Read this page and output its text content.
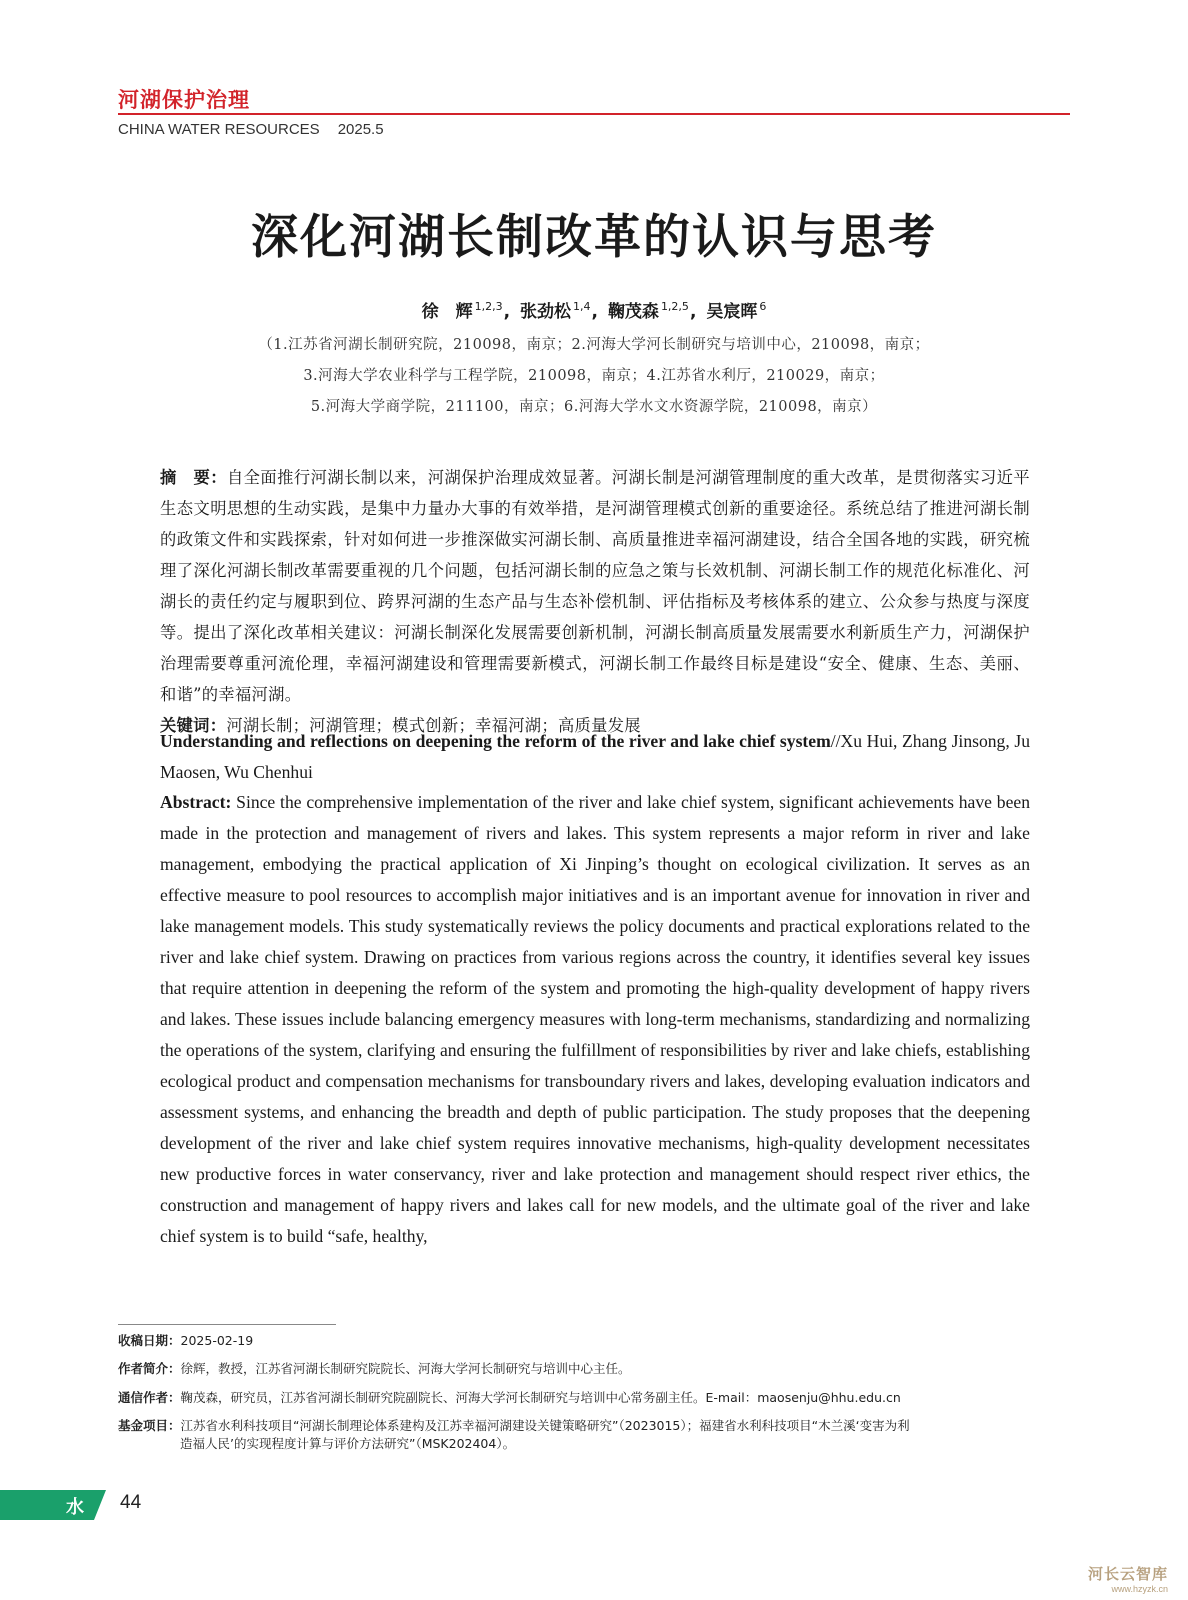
河湖保护治理
CHINA WATER RESOURCES 2025.5
深化河湖长制改革的认识与思考
徐　辉 $^{1,2,3}$, 张劲松 $^{1,4}$, 鞠茂森 $^{1,2,5}$, 吴宸晖 $^6$
（1.江苏省河湖长制研究院，210098，南京；2.河海大学河长制研究与培训中心，210098，南京；
3.河海大学农业科学与工程学院，210098，南京；4.江苏省水利厅，210029，南京；
5.河海大学商学院，211100，南京；6.河海大学水文水资源学院，210098，南京）
摘　要：自全面推行河湖长制以来，河湖保护治理成效显著。河湖长制是河湖管理制度的重大改革，是贯彻落实习近平生态文明思想的生动实践，是集中力量办大事的有效举措，是河湖管理模式创新的重要途径。系统总结了推进河湖长制的政策文件和实践探索，针对如何进一步推深做实河湖长制、高质量推进幸福河湖建设，结合全国各地的实践，研究梳理了深化河湖长制改革需要重视的几个问题，包括河湖长制的应急之策与长效机制、河湖长制工作的规范化标准化、河湖长的责任约定与履职到位、跨界河湖的生态产品与生态补偿机制、评估指标及考核体系的建立、公众参与热度与深度等。提出了深化改革相关建议：河湖长制深化发展需要创新机制，河湖长制高质量发展需要水利新质生产力，河湖保护治理需要尊重河流伦理，幸福河湖建设和管理需要新模式，河湖长制工作最终目标是建设“安全、健康、生态、美丽、和谐”的幸福河湖。
关键词：河湖长制；河湖管理；模式创新；幸福河湖；高质量发展
Understanding and reflections on deepening the reform of the river and lake chief system//Xu Hui, Zhang Jinsong, Ju Maosen, Wu Chenhui
Abstract: Since the comprehensive implementation of the river and lake chief system, significant achievements have been made in the protection and management of rivers and lakes. This system represents a major reform in river and lake management, embodying the practical application of Xi Jinping’s thought on ecological civilization. It serves as an effective measure to pool resources to accomplish major initiatives and is an important avenue for innovation in river and lake management models. This study systematically reviews the policy documents and practical explorations related to the river and lake chief system. Drawing on practices from various regions across the country, it identifies several key issues that require attention in deepening the reform of the system and promoting the high-quality development of happy rivers and lakes. These issues include balancing emergency measures with long-term mechanisms, standardizing and normalizing the operations of the system, clarifying and ensuring the fulfillment of responsibilities by river and lake chiefs, establishing ecological product and compensation mechanisms for transboundary rivers and lakes, developing evaluation indicators and assessment systems, and enhancing the breadth and depth of public participation. The study proposes that the deepening development of the river and lake chief system requires innovative mechanisms, high-quality development necessitates new productive forces in water conservancy, river and lake protection and management should respect river ethics, the construction and management of happy rivers and lakes call for new models, and the ultimate goal of the river and lake chief system is to build “safe, healthy,
收稿日期：2025-02-19
作者简介：徐辉，教授，江苏省河湖长制研究院院长、河海大学河长制研究与培训中心主任。
通信作者：鞠茂森，研究员，江苏省河湖长制研究院副院长、河海大学河长制研究与培训中心常务副主任。E-mail：maosenju@hhu.edu.cn
基金项目：江苏省水利科技项目“河湖长制理论体系建构及江苏幸福河湖建设关键策略研究”（2023015）；福建省水利科技项目“木兰溪‘变害为利
造福人民’的实现程度计算与评价方法研究”（MSK202404）。
水 44
河长云智库
www.hzyzk.cn
